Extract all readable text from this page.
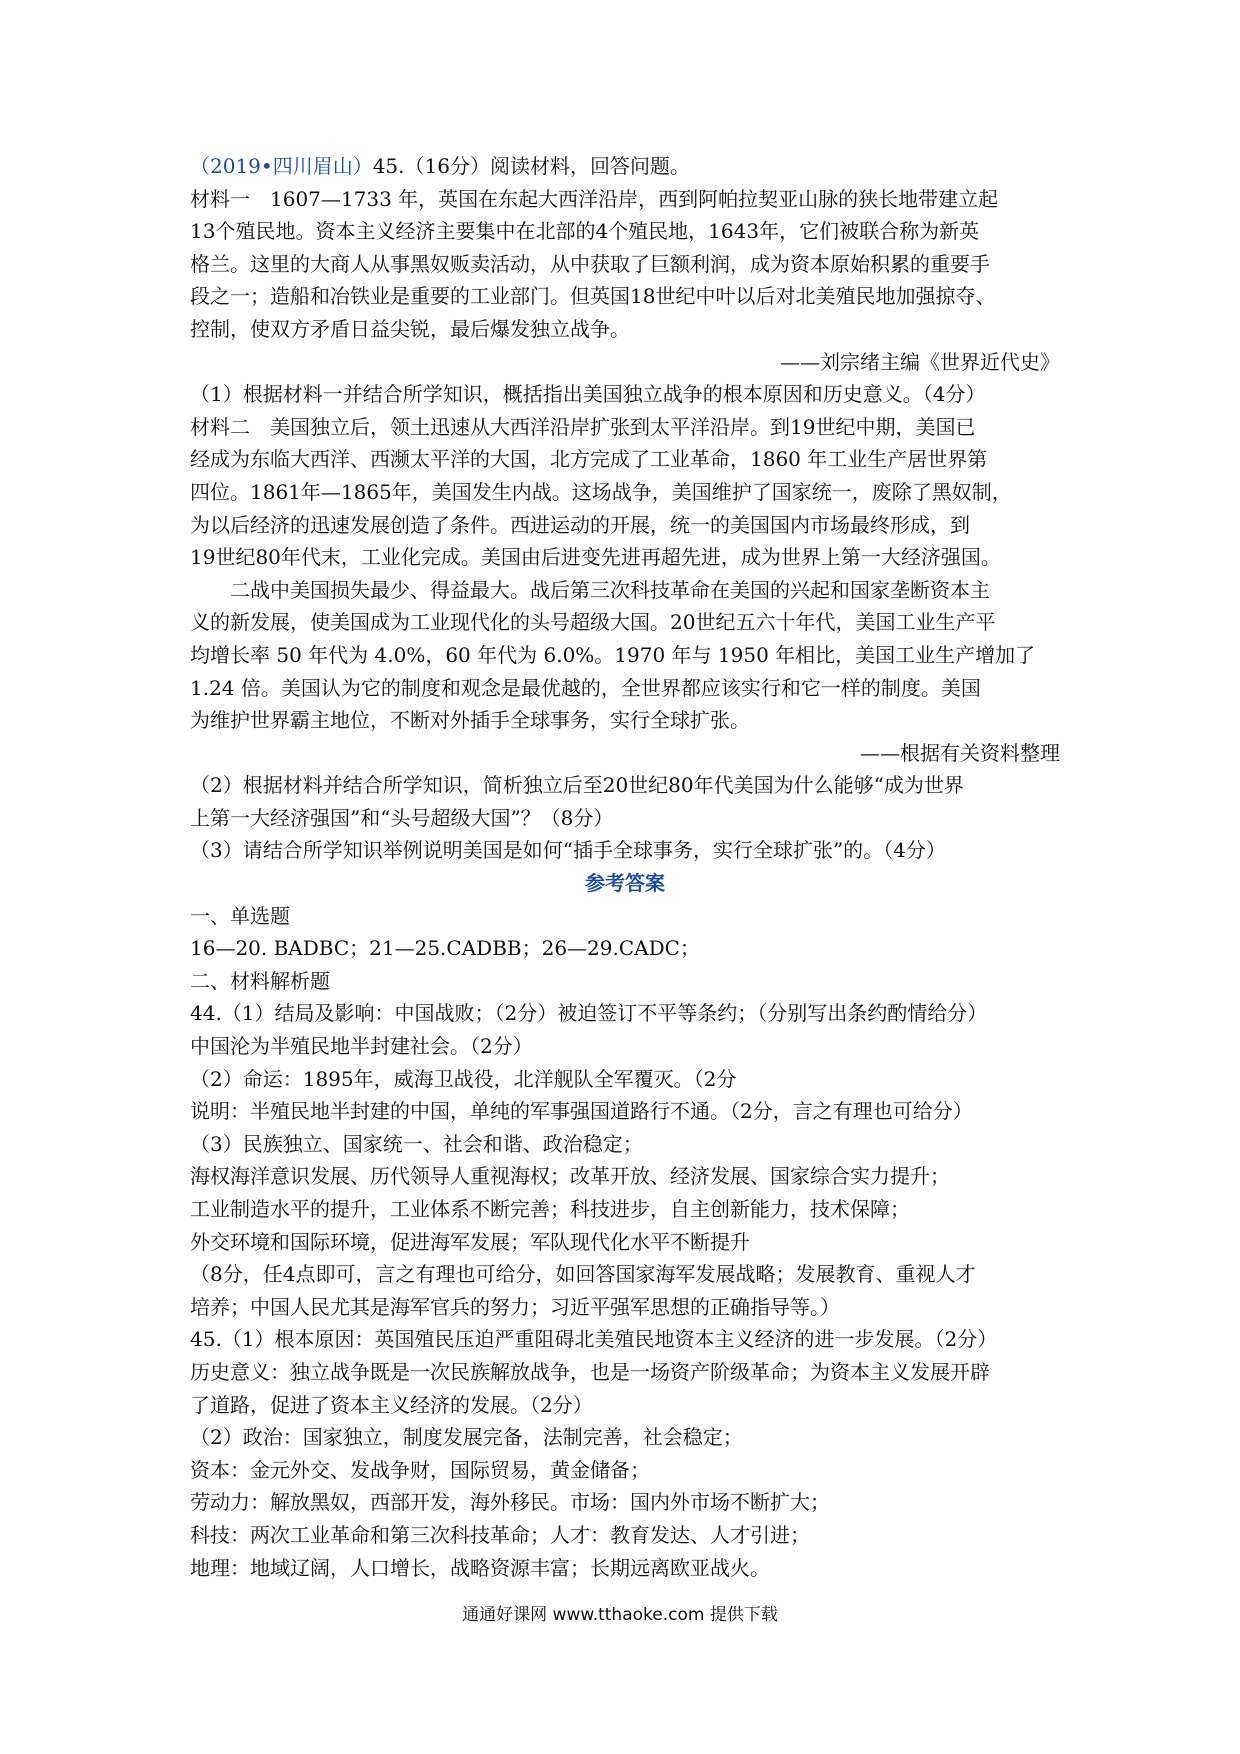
（2019•四川眉山）45.（16分）阅读材料，回答问题。
材料一　1607—1733 年，英国在东起大西洋沿岸，西到阿帕拉契亚山脉的狭长地带建立起
13个殖民地。资本主义经济主要集中在北部的4个殖民地，1643年，它们被联合称为新英
格兰。这里的大商人从事黑奴贩卖活动，从中获取了巨额利润，成为资本原始积累的重要手
段之一；造船和冶铁业是重要的工业部门。但英国18世纪中叶以后对北美殖民地加强掠夺、
控制，使双方矛盾日益尖锐，最后爆发独立战争。
——刘宗绪主编《世界近代史》
（1）根据材料一并结合所学知识，概括指出美国独立战争的根本原因和历史意义。（4分）
材料二　美国独立后，领土迅速从大西洋沿岸扩张到太平洋沿岸。到19世纪中期，美国已
经成为东临大西洋、西濒太平洋的大国，北方完成了工业革命，1860 年工业生产居世界第
四位。1861年—1865年，美国发生内战。这场战争，美国维护了国家统一，废除了黑奴制，
为以后经济的迅速发展创造了条件。西进运动的开展，统一的美国国内市场最终形成，到
19世纪80年代末，工业化完成。美国由后进变先进再超先进，成为世界上第一大经济强国。
二战中美国损失最少、得益最大。战后第三次科技革命在美国的兴起和国家垄断资本主
义的新发展，使美国成为工业现代化的头号超级大国。20世纪五六十年代，美国工业生产平
均增长率 50 年代为 4.0%，60 年代为 6.0%。1970 年与 1950 年相比，美国工业生产增加了
1.24 倍。美国认为它的制度和观念是最优越的，全世界都应该实行和它一样的制度。美国
为维护世界霸主地位，不断对外插手全球事务，实行全球扩张。
——根据有关资料整理
（2）根据材料并结合所学知识，简析独立后至20世纪80年代美国为什么能够“成为世界
上第一大经济强国”和“头号超级大国”？（8分）
（3）请结合所学知识举例说明美国是如何“插手全球事务，实行全球扩张”的。（4分）
参考答案
一、单选题
16—20. BADBC；21—25.CADBB；26—29.CADC；
二、材料解析题
44.（1）结局及影响：中国战败；（2分）被迫签订不平等条约；（分别写出条约酌情给分）
中国沦为半殖民地半封建社会。（2分）
（2）命运：1895年，威海卫战役，北洋舰队全军覆灭。（2分
说明：半殖民地半封建的中国，单纯的军事强国道路行不通。（2分，言之有理也可给分）
（3）民族独立、国家统一、社会和谐、政治稳定；
海权海洋意识发展、历代领导人重视海权；改革开放、经济发展、国家综合实力提升；
工业制造水平的提升，工业体系不断完善；科技进步，自主创新能力，技术保障；
外交环境和国际环境，促进海军发展；军队现代化水平不断提升
（8分，任4点即可，言之有理也可给分，如回答国家海军发展战略；发展教育、重视人才
培养；中国人民尤其是海军官兵的努力；习近平强军思想的正确指导等。）
45.（1）根本原因：英国殖民压迫严重阻碍北美殖民地资本主义经济的进一步发展。（2分）
历史意义：独立战争既是一次民族解放战争，也是一场资产阶级革命；为资本主义发展开辟
了道路，促进了资本主义经济的发展。（2分）
（2）政治：国家独立，制度发展完备，法制完善，社会稳定；
资本：金元外交、发战争财，国际贸易，黄金储备；
劳动力：解放黑奴，西部开发，海外移民。市场：国内外市场不断扩大；
科技：两次工业革命和第三次科技革命；人才：教育发达、人才引进；
地理：地域辽阔，人口增长，战略资源丰富；长期远离欧亚战火。
通通好课网 www.tthaoke.com 提供下载
